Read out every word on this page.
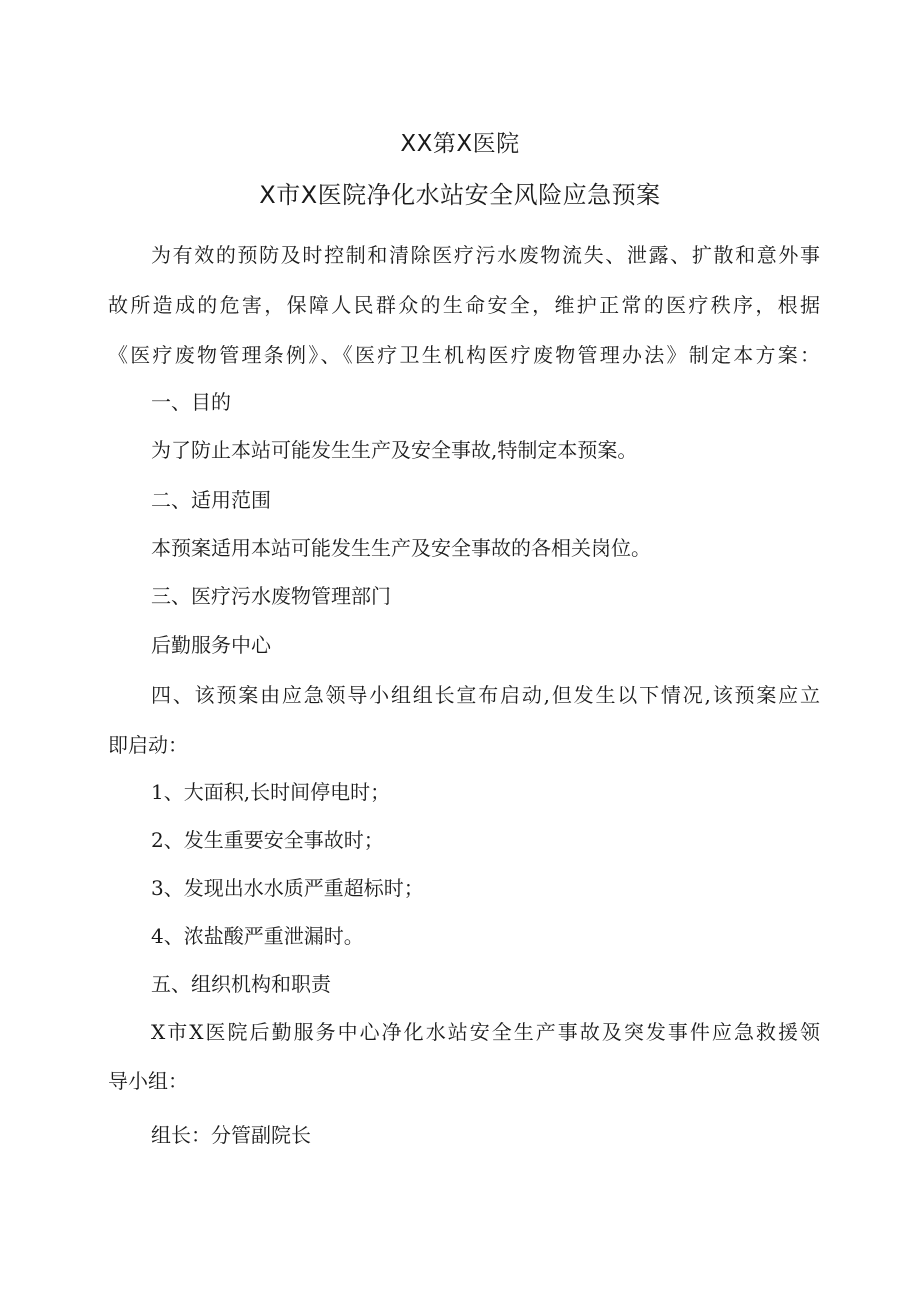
XX第X医院
X市X医院净化水站安全风险应急预案
为有效的预防及时控制和清除医疗污水废物流失、泄露、扩散和意外事
故所造成的危害，保障人民群众的生命安全，维护正常的医疗秩序，根据
《医疗废物管理条例》、《医疗卫生机构医疗废物管理办法》制定本方案：
一、目的
为了防止本站可能发生生产及安全事故,特制定本预案。
二、适用范围
本预案适用本站可能发生生产及安全事故的各相关岗位。
三、医疗污水废物管理部门
后勤服务中心
四、该预案由应急领导小组组长宣布启动,但发生以下情况,该预案应立
即启动：
1、大面积,长时间停电时；
2、发生重要安全事故时；
3、发现出水水质严重超标时；
4、浓盐酸严重泄漏时。
五、组织机构和职责
X市X医院后勤服务中心净化水站安全生产事故及突发事件应急救援领
导小组：
组长：分管副院长
